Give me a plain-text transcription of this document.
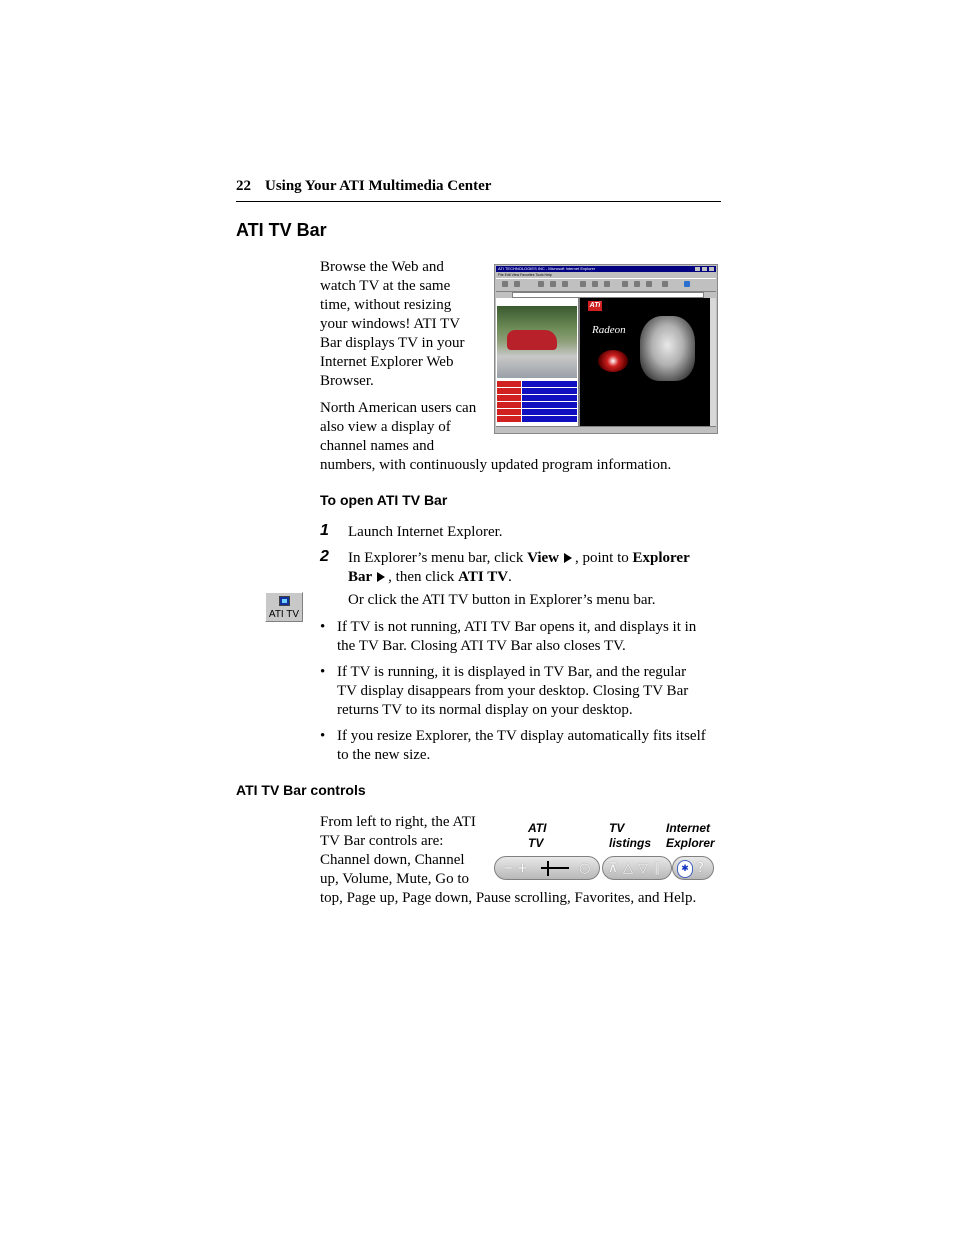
22 Using Your ATI Multimedia Center
ATI TV Bar
Browse the Web and
watch TV at the same
time, without resizing
your windows! ATI TV
Bar displays TV in your
Internet Explorer Web
Browser.
North American users can
also view a display of
channel names and
numbers, with continuously updated program information.
ATI TECHNOLOGIES INC - Microsoft Internet Explorer
File Edit View Favorites Tools Help
ATi
Radeon
To open ATI TV Bar
1 Launch Internet Explorer.
2 In Explorer’s menu bar, click View , point to Explorer
Bar , then click ATI TV.
ATI TV
Or click the ATI TV button in Explorer’s menu bar.
• If TV is not running, ATI TV Bar opens it, and displays it in
the TV Bar. Closing ATI TV Bar also closes TV.
• If TV is running, it is displayed in TV Bar, and the regular
TV display disappears from your desktop. Closing TV Bar
returns TV to its normal display on your desktop.
• If you resize Explorer, the TV display automatically fits itself
to the new size.
ATI TV Bar controls
From left to right, the ATI
TV Bar controls are:
Channel down, Channel
up, Volume, Mute, Go to
top, Page up, Page down, Pause scrolling, Favorites, and Help.
ATI
TV
TV
listings
Internet
Explorer
− +	○ ⊼ △ ▽ ∥	✱ ?
